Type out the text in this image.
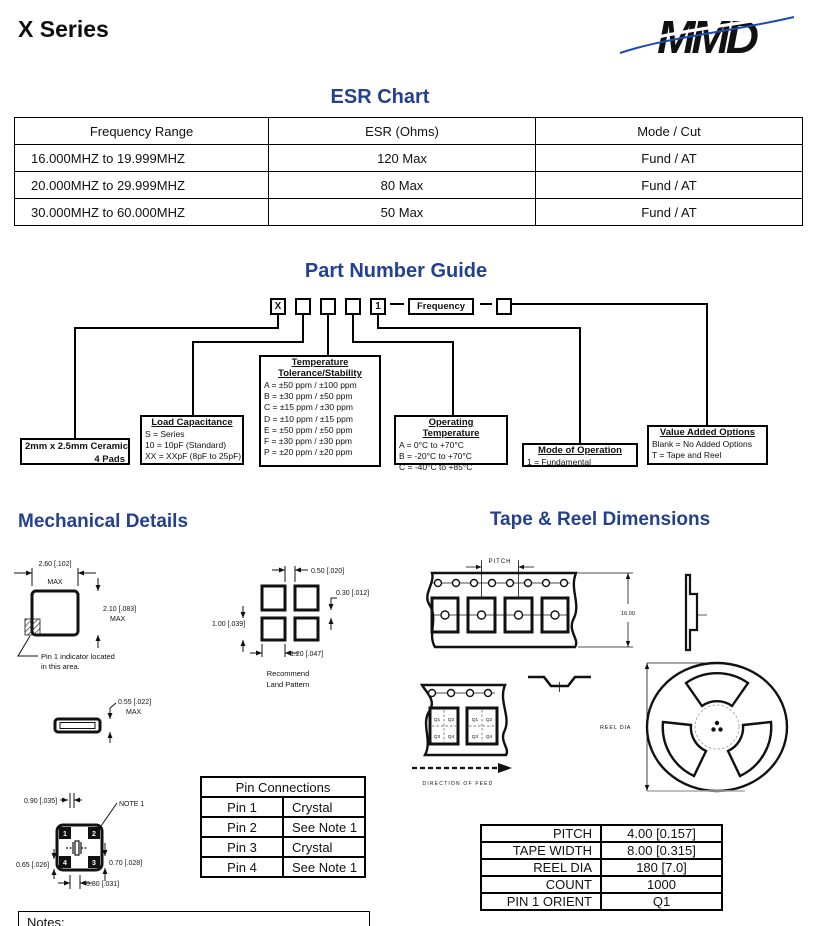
X Series	MMD
ESR Chart
Frequency Range	ESR (Ohms)	Mode / Cut
16.000MHZ to 19.999MHZ	120 Max	Fund / AT
20.000MHZ to 29.999MHZ	80 Max	Fund / AT
30.000MHZ to 60.000MHZ	50 Max	Fund / AT
Part Number Guide
X	1	Frequency
2mm x 2.5mm Ceramic
4 Pads
Load Capacitance
S = Series
10 = 10pF (Standard)
XX = XXpF (8pF to 25pF)
Temperature
Tolerance/Stability
A = ±50 ppm / ±100 ppm
B = ±30 ppm / ±50 ppm
C = ±15 ppm / ±30 ppm
D = ±10 ppm / ±15 ppm
E = ±50 ppm / ±50 ppm
F = ±30 ppm / ±30 ppm
P = ±20 ppm / ±20 ppm
Operating Temperature
A = 0°C to +70°C
B = -20°C to +70°C
C = -40°C to +85°C
Mode of Operation
1 = Fundamental
Value Added Options
Blank = No Added Options
T = Tape and Reel
Mechanical Details	Tape & Reel Dimensions
2.60 [.102]
MAX
2.10 [.083]
MAX
Pin 1 indicator located
in this area.
0.50 [.020]
0.30 [.012]
1.00 [.039]
1.20 [.047]
Recommend
Land Pattern
0.55 [.022]
MAX
1	2
4	3
0.90 [.035]	NOTE 1
0.70 [.028]
0.65 [.026]
0.80 [.031]
Pin Connections	
Pin 1	Crystal
Pin 2	See Note 1
Pin 3	Crystal
Pin 4	See Note 1
PITCH
16.00
Q1 Q2
Q3 Q4
Q1 Q2
Q3 Q4
DIRECTION OF FEED
REEL DIA
PITCH	4.00 [0.157]
TAPE WIDTH	8.00 [0.315]
REEL DIA	180 [7.0]
COUNT	1000
PIN 1 ORIENT	Q1
Notes:
